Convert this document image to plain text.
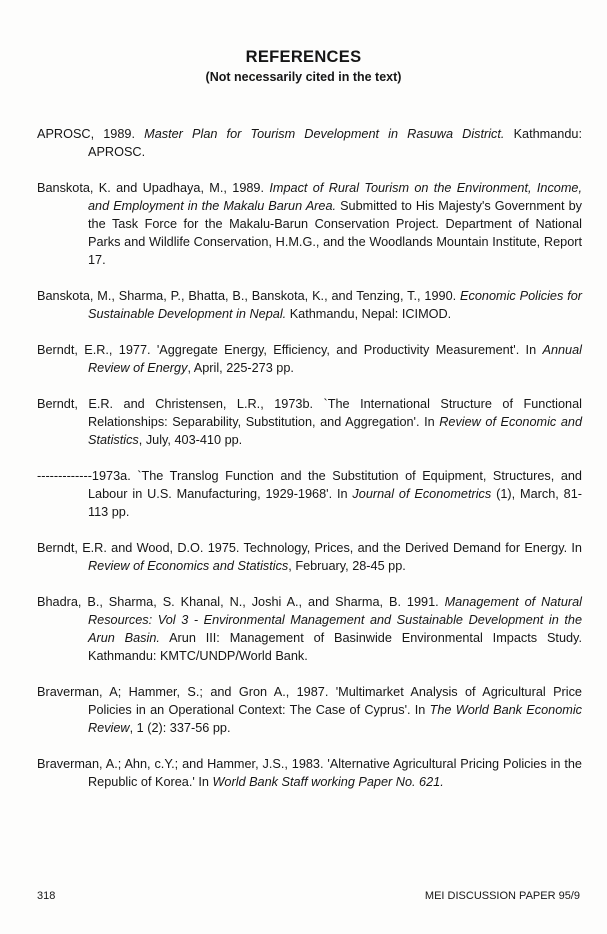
REFERENCES
(Not necessarily cited in the text)
APROSC, 1989. Master Plan for Tourism Development in Rasuwa District. Kathmandu: APROSC.
Banskota, K. and Upadhaya, M., 1989. Impact of Rural Tourism on the Environment, Income, and Employment in the Makalu Barun Area. Submitted to His Majesty's Government by the Task Force for the Makalu-Barun Conservation Project. Department of National Parks and Wildlife Conservation, H.M.G., and the Woodlands Mountain Institute, Report 17.
Banskota, M., Sharma, P., Bhatta, B., Banskota, K., and Tenzing, T., 1990. Economic Policies for Sustainable Development in Nepal. Kathmandu, Nepal: ICIMOD.
Berndt, E.R., 1977. 'Aggregate Energy, Efficiency, and Productivity Measurement'. In Annual Review of Energy, April, 225-273 pp.
Berndt, E.R. and Christensen, L.R., 1973b. `The International Structure of Functional Relationships: Separability, Substitution, and Aggregation'. In Review of Economic and Statistics, July, 403-410 pp.
-------------1973a. `The Translog Function and the Substitution of Equipment, Structures, and Labour in U.S. Manufacturing, 1929-1968'. In Journal of Econometrics (1), March, 81-113 pp.
Berndt, E.R. and Wood, D.O. 1975. Technology, Prices, and the Derived Demand for Energy. In Review of Economics and Statistics, February, 28-45 pp.
Bhadra, B., Sharma, S. Khanal, N., Joshi A., and Sharma, B. 1991. Management of Natural Resources: Vol 3 - Environmental Management and Sustainable Development in the Arun Basin. Arun III: Management of Basinwide Environmental Impacts Study. Kathmandu: KMTC/UNDP/World Bank.
Braverman, A; Hammer, S.; and Gron A., 1987. 'Multimarket Analysis of Agricultural Price Policies in an Operational Context: The Case of Cyprus'. In The World Bank Economic Review, 1 (2): 337-56 pp.
Braverman, A.; Ahn, c.Y.; and Hammer, J.S., 1983. 'Alternative Agricultural Pricing Policies in the Republic of Korea.' In World Bank Staff working Paper No. 621.
318	MEI DISCUSSION PAPER 95/9
